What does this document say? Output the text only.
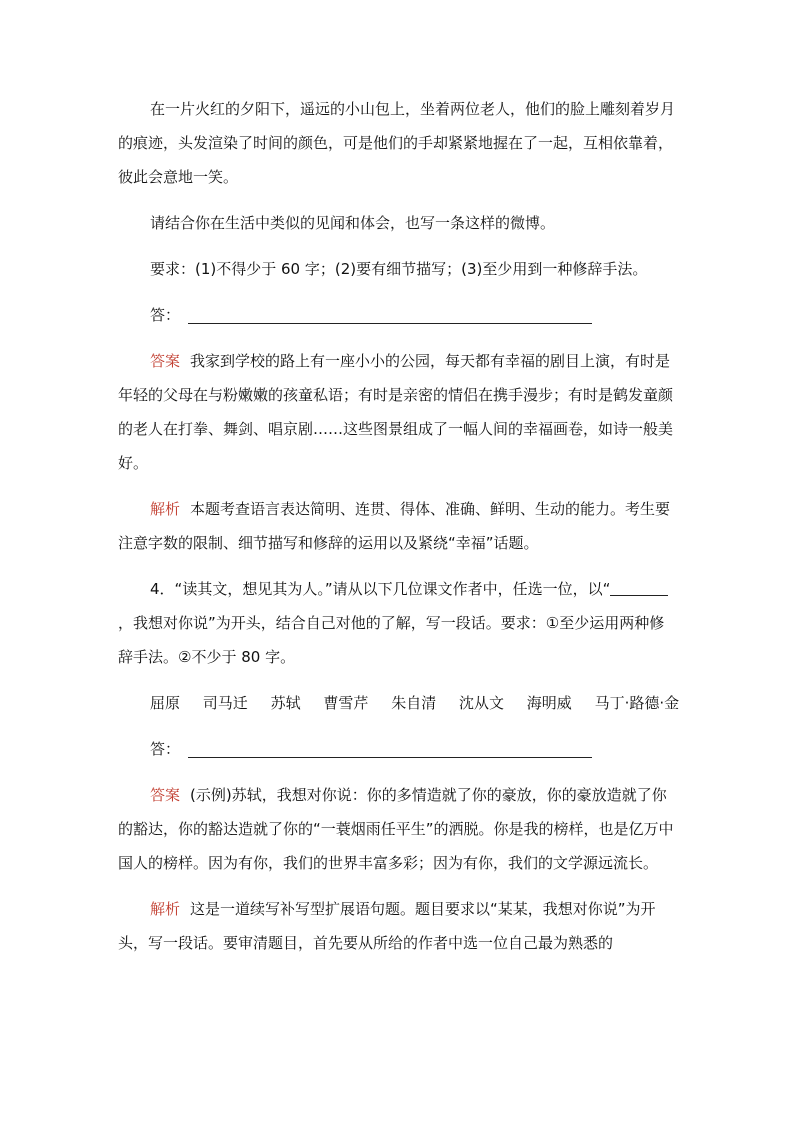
在一片火红的夕阳下，遥远的小山包上，坐着两位老人，他们的脸上雕刻着岁月的痕迹，头发渲染了时间的颜色，可是他们的手却紧紧地握在了一起，互相依靠着，彼此会意地一笑。

请结合你在生活中类似的见闻和体会，也写一条这样的微博。

要求：(1)不得少于 60 字；(2)要有细节描写；(3)至少用到一种修辞手法。

答：

答案 我家到学校的路上有一座小小的公园，每天都有幸福的剧目上演，有时是年轻的父母在与粉嫩嫩的孩童私语；有时是亲密的情侣在携手漫步；有时是鹤发童颜的老人在打拳、舞剑、唱京剧……这些图景组成了一幅人间的幸福画卷，如诗一般美好。

解析 本题考查语言表达简明、连贯、得体、准确、鲜明、生动的能力。考生要注意字数的限制、细节描写和修辞的运用以及紧绕“幸福”话题。

4．“读其文，想见其为人。”请从以下几位课文作者中，任选一位，以“，我想对你说”为开头，结合自己对他的了解，写一段话。要求：①至少运用两种修辞手法。②不少于 80 字。

屈原 司马迁 苏轼 曹雪芹 朱自清 沈从文 海明威 马丁·路德·金

答：

答案 (示例)苏轼，我想对你说：你的多情造就了你的豪放，你的豪放造就了你的豁达，你的豁达造就了你的“一蓑烟雨任平生”的洒脱。你是我的榜样，也是亿万中国人的榜样。因为有你，我们的世界丰富多彩；因为有你，我们的文学源远流长。

解析 这是一道续写补写型扩展语句题。题目要求以“某某，我想对你说”为开头，写一段话。要审清题目，首先要从所给的作者中选一位自己最为熟悉的
